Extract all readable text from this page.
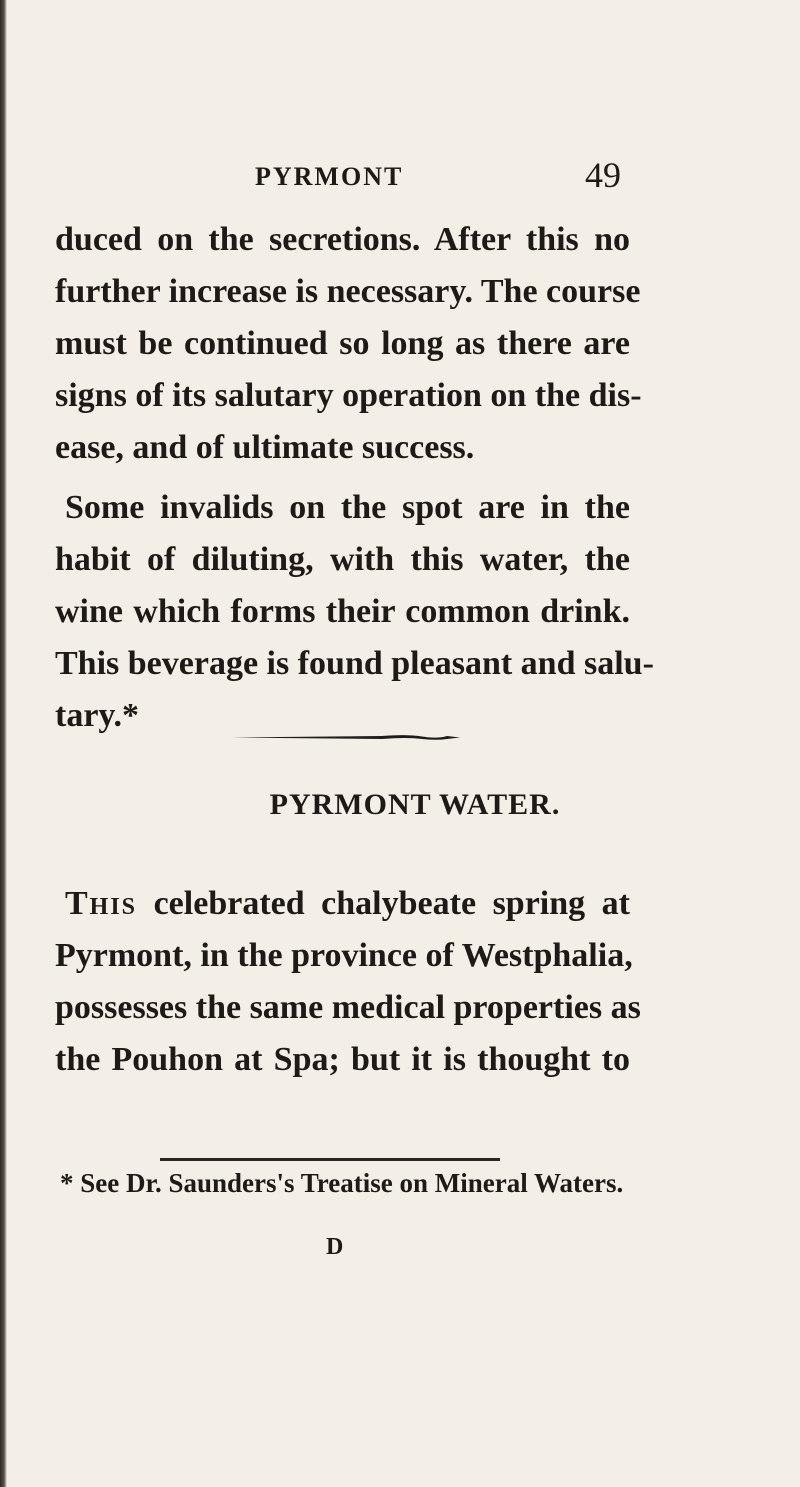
PYRMONT	49

duced on the secretions. After this no
further increase is necessary. The course
must be continued so long as there are
signs of its salutary operation on the dis-
ease, and of ultimate success.

Some invalids on the spot are in the
habit of diluting, with this water, the
wine which forms their common drink.
This beverage is found pleasant and salu-
tary.*

PYRMONT WATER.

This celebrated chalybeate spring at
Pyrmont, in the province of Westphalia,
possesses the same medical properties as
the Pouhon at Spa; but it is thought to

* See Dr. Saunders's Treatise on Mineral Waters.
D
